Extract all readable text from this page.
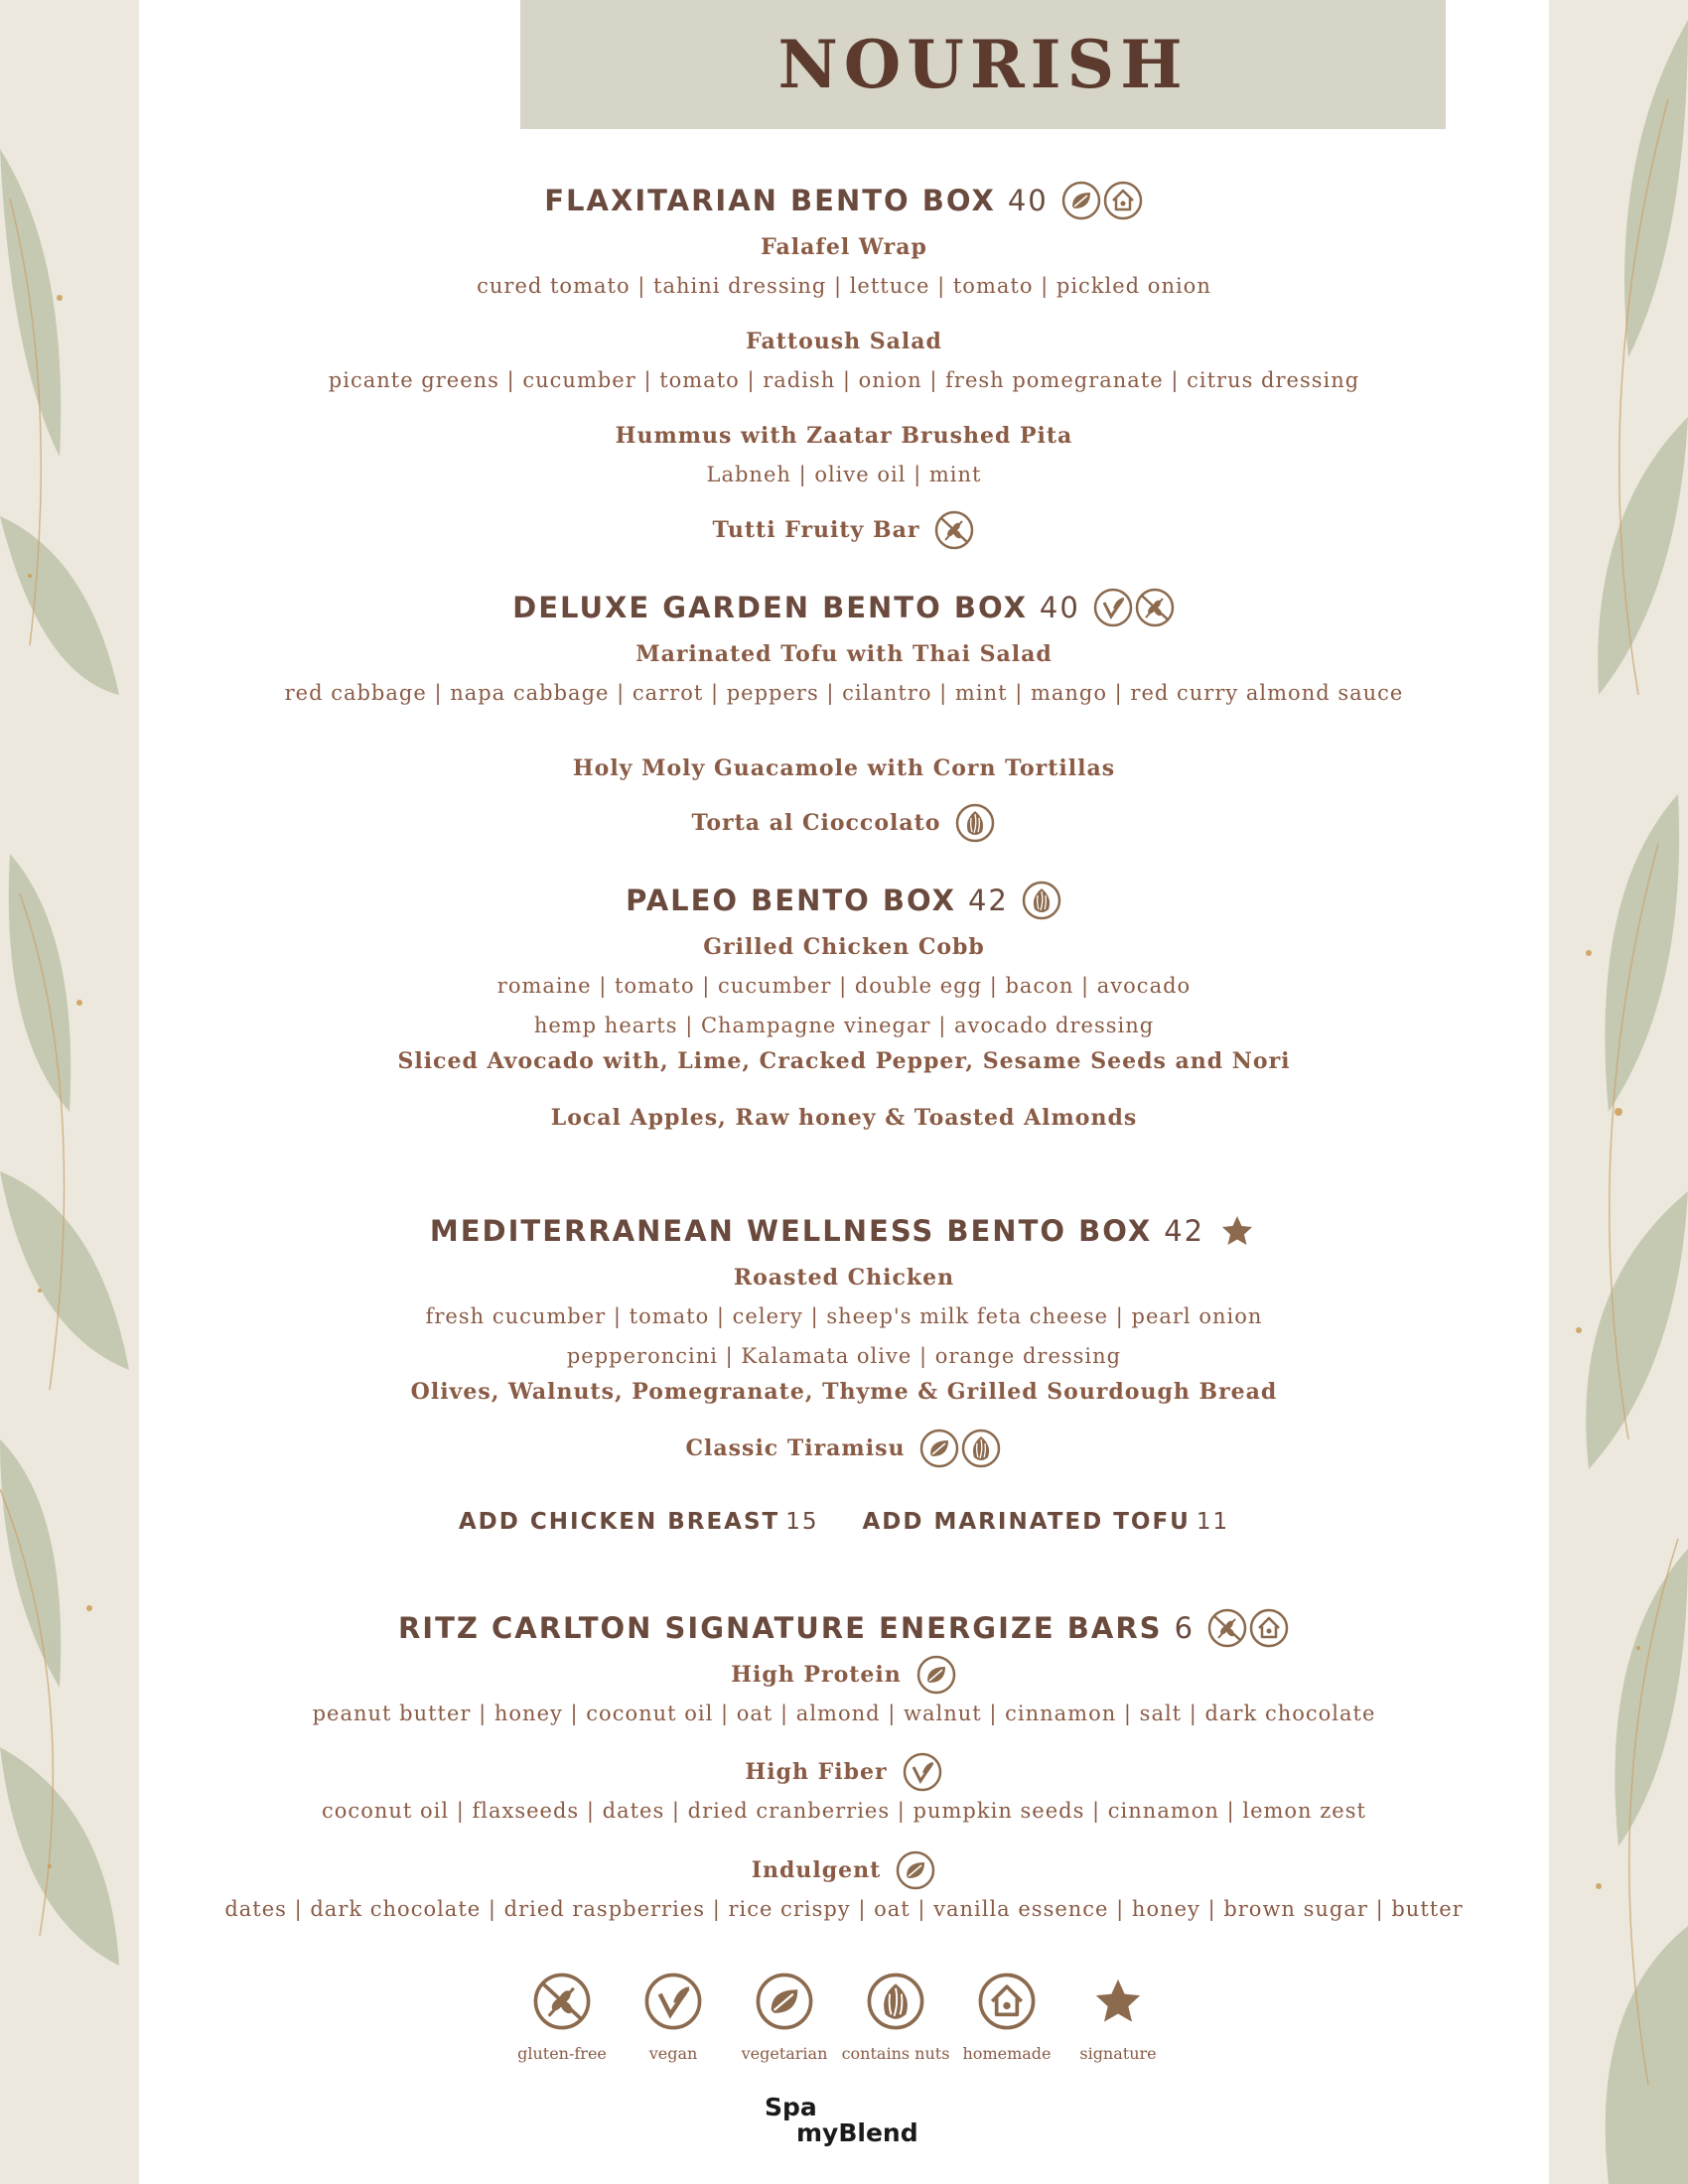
NOURISH
FLAXITARIAN BENTO BOX 40
Falafel Wrap
cured tomato | tahini dressing | lettuce | tomato | pickled onion
Fattoush Salad
picante greens | cucumber | tomato | radish | onion | fresh pomegranate | citrus dressing
Hummus with Zaatar Brushed Pita
Labneh | olive oil | mint
Tutti Fruity Bar
DELUXE GARDEN BENTO BOX 40
Marinated Tofu with Thai Salad
red cabbage | napa cabbage | carrot | peppers | cilantro | mint | mango | red curry almond sauce
Holy Moly Guacamole with Corn Tortillas
Torta al Cioccolato
PALEO BENTO BOX 42
Grilled Chicken Cobb
romaine | tomato | cucumber | double egg | bacon | avocado
hemp hearts | Champagne vinegar | avocado dressing
Sliced Avocado with, Lime, Cracked Pepper, Sesame Seeds and Nori
Local Apples, Raw honey & Toasted Almonds
MEDITERRANEAN WELLNESS BENTO BOX 42
Roasted Chicken
fresh cucumber | tomato | celery | sheep's milk feta cheese | pearl onion
pepperoncini | Kalamata olive | orange dressing
Olives, Walnuts, Pomegranate, Thyme & Grilled Sourdough Bread
Classic Tiramisu
ADD CHICKEN BREAST 15 ADD MARINATED TOFU 11
RITZ CARLTON SIGNATURE ENERGIZE BARS 6
High Protein
peanut butter | honey | coconut oil | oat | almond | walnut | cinnamon | salt | dark chocolate
High Fiber
coconut oil | flaxseeds | dates | dried cranberries | pumpkin seeds | cinnamon | lemon zest
Indulgent
dates | dark chocolate | dried raspberries | rice crispy | oat | vanilla essence | honey | brown sugar | butter
gluten-free	vegan	vegetarian contains nuts homemade	signature
Spa
myBlend
